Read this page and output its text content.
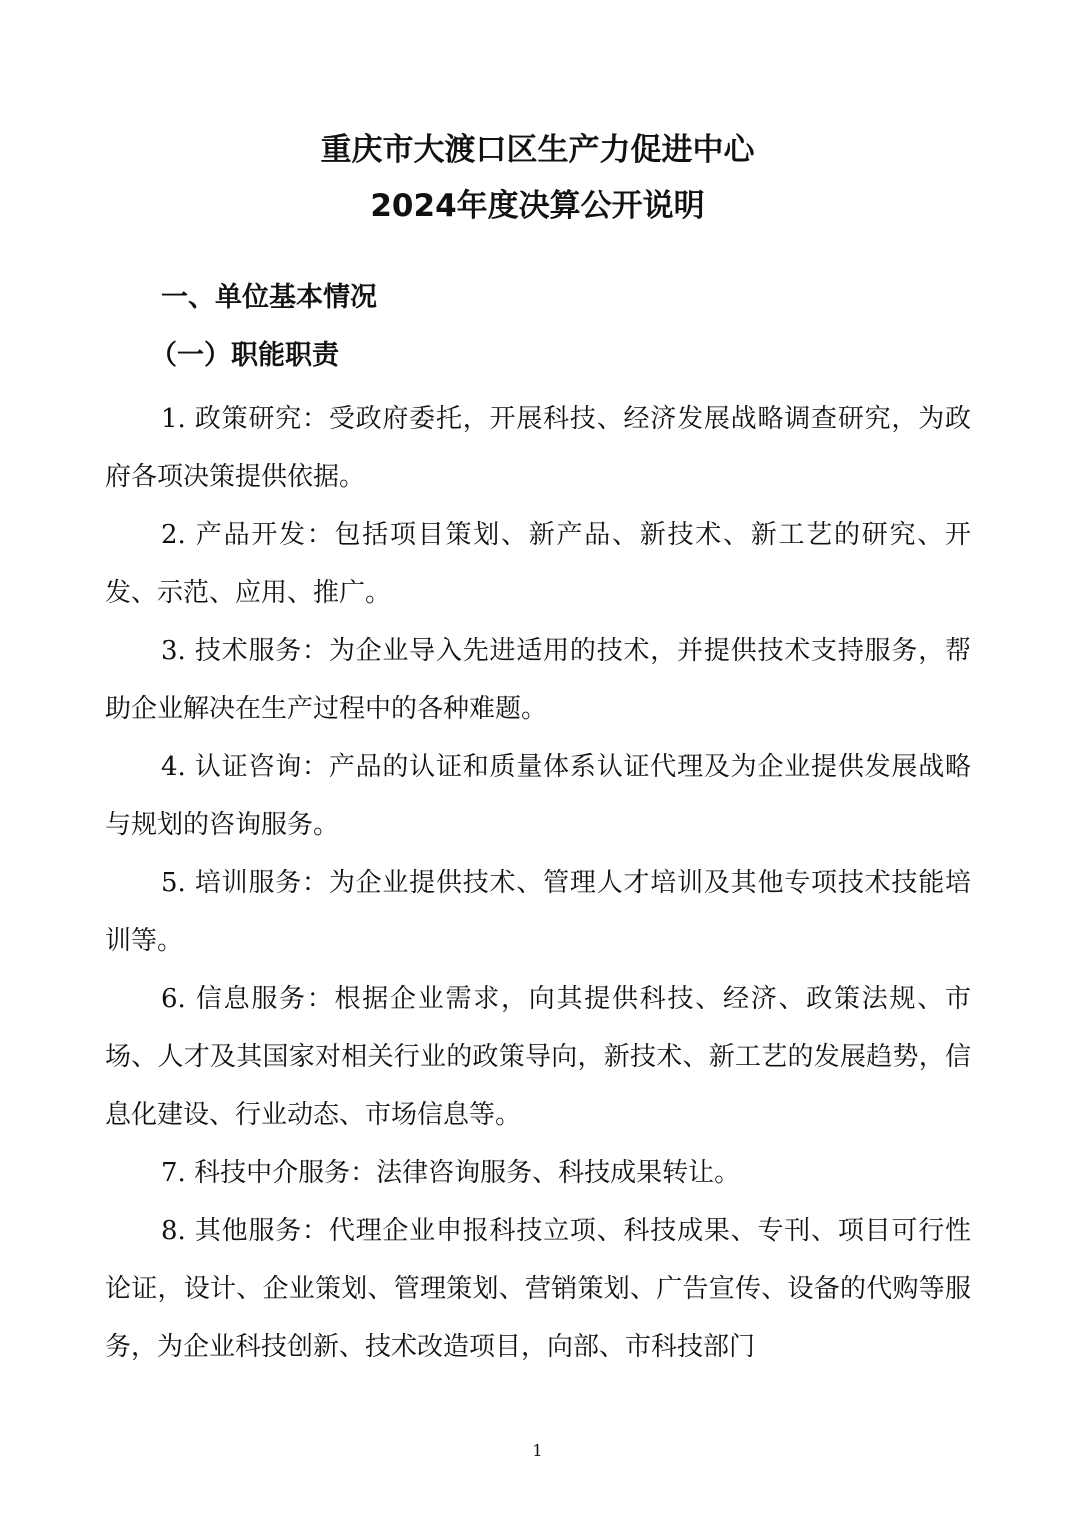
重庆市大渡口区生产力促进中心
2024年度决算公开说明
一、单位基本情况
（一）职能职责

1. 政策研究：受政府委托，开展科技、经济发展战略调查研究，为政府各项决策提供依据。

2. 产品开发：包括项目策划、新产品、新技术、新工艺的研究、开发、示范、应用、推广。

3. 技术服务：为企业导入先进适用的技术，并提供技术支持服务，帮助企业解决在生产过程中的各种难题。

4. 认证咨询：产品的认证和质量体系认证代理及为企业提供发展战略与规划的咨询服务。

5. 培训服务：为企业提供技术、管理人才培训及其他专项技术技能培训等。

6. 信息服务：根据企业需求，向其提供科技、经济、政策法规、市场、人才及其国家对相关行业的政策导向，新技术、新工艺的发展趋势，信息化建设、行业动态、市场信息等。

7. 科技中介服务：法律咨询服务、科技成果转让。

8. 其他服务：代理企业申报科技立项、科技成果、专刊、项目可行性论证，设计、企业策划、管理策划、营销策划、广告宣传、设备的代购等服务，为企业科技创新、技术改造项目，向部、市科技部门

1
